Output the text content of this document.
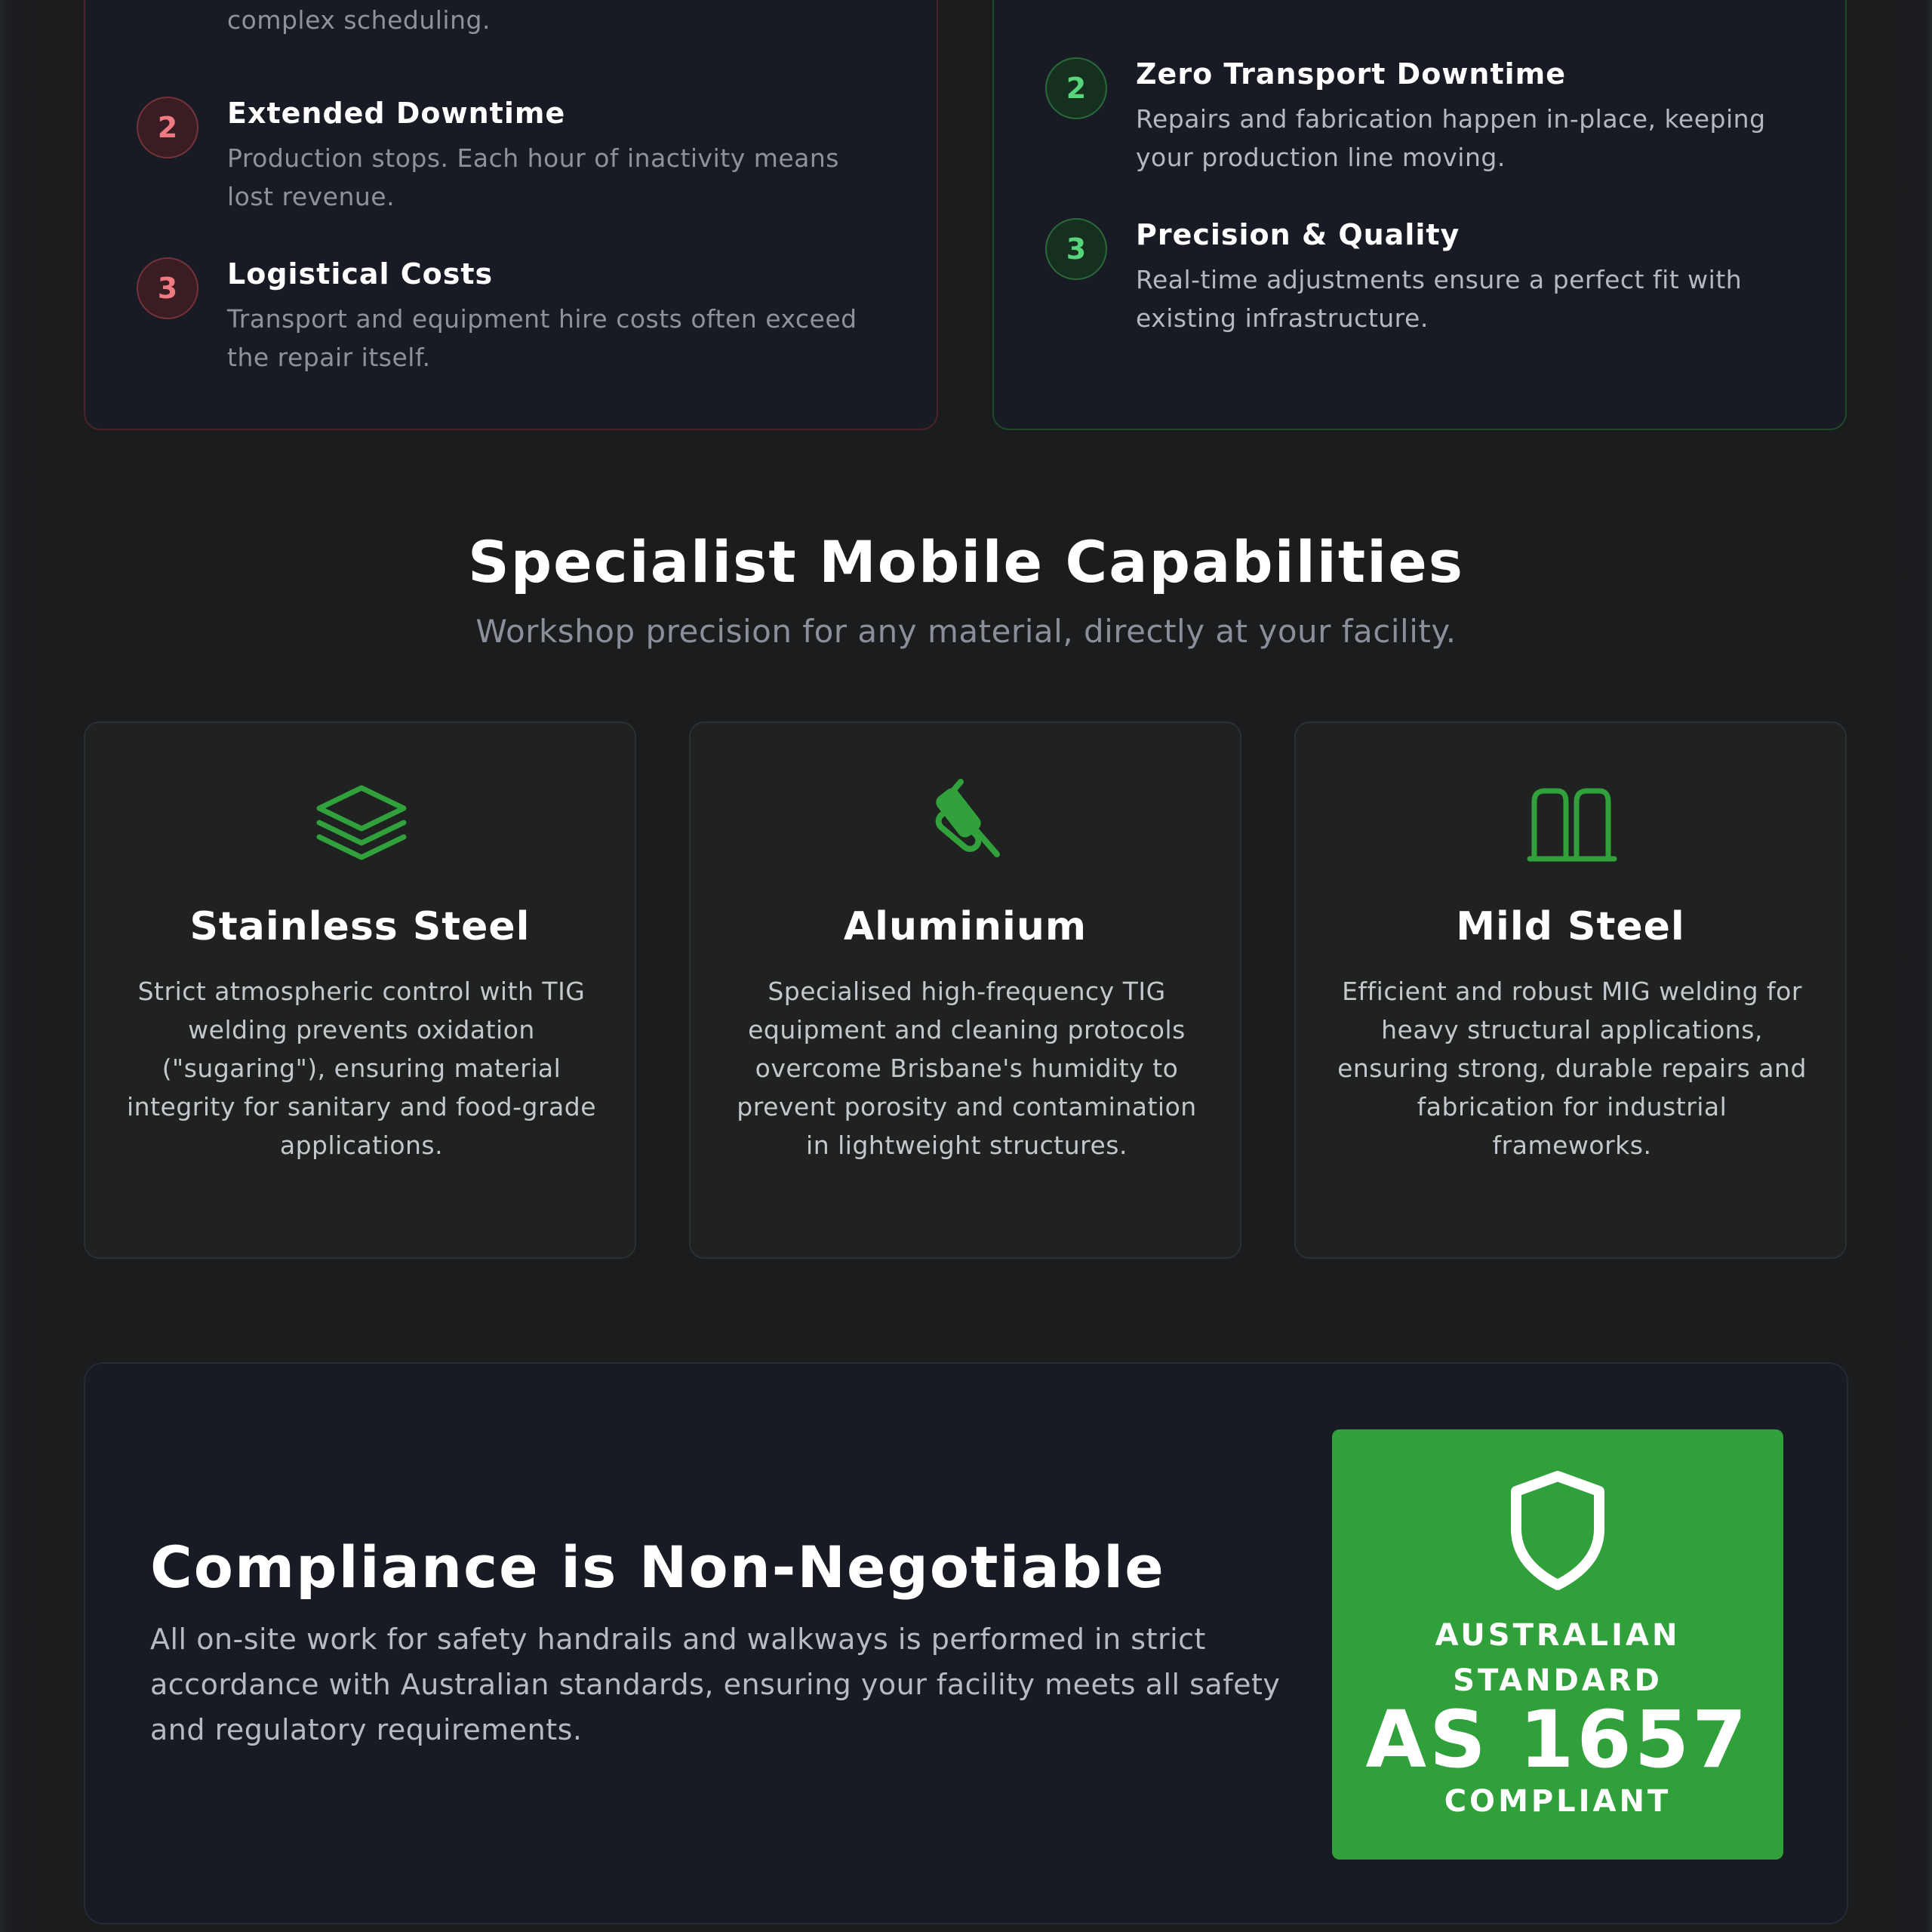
complex scheduling.
2	Extended Downtime
Production stops. Each hour of inactivity means lost revenue.
3	Logistical Costs
Transport and equipment hire costs often exceed the repair itself.
2	Zero Transport Downtime
Repairs and fabrication happen in-place, keeping your production line moving.
3	Precision & Quality
Real-time adjustments ensure a perfect fit with existing infrastructure.
Specialist Mobile Capabilities
Workshop precision for any material, directly at your facility.
Stainless Steel
Strict atmospheric control with TIG welding prevents oxidation ("sugaring"), ensuring material integrity for sanitary and food-grade applications.
Aluminium
Specialised high-frequency TIG equipment and cleaning protocols overcome Brisbane's humidity to prevent porosity and contamination in lightweight structures.
Mild Steel
Efficient and robust MIG welding for heavy structural applications, ensuring strong, durable repairs and fabrication for industrial frameworks.
Compliance is Non-Negotiable
All on-site work for safety handrails and walkways is performed in strict accordance with Australian standards, ensuring your facility meets all safety and regulatory requirements.
AUSTRALIAN
STANDARD
AS 1657
COMPLIANT
